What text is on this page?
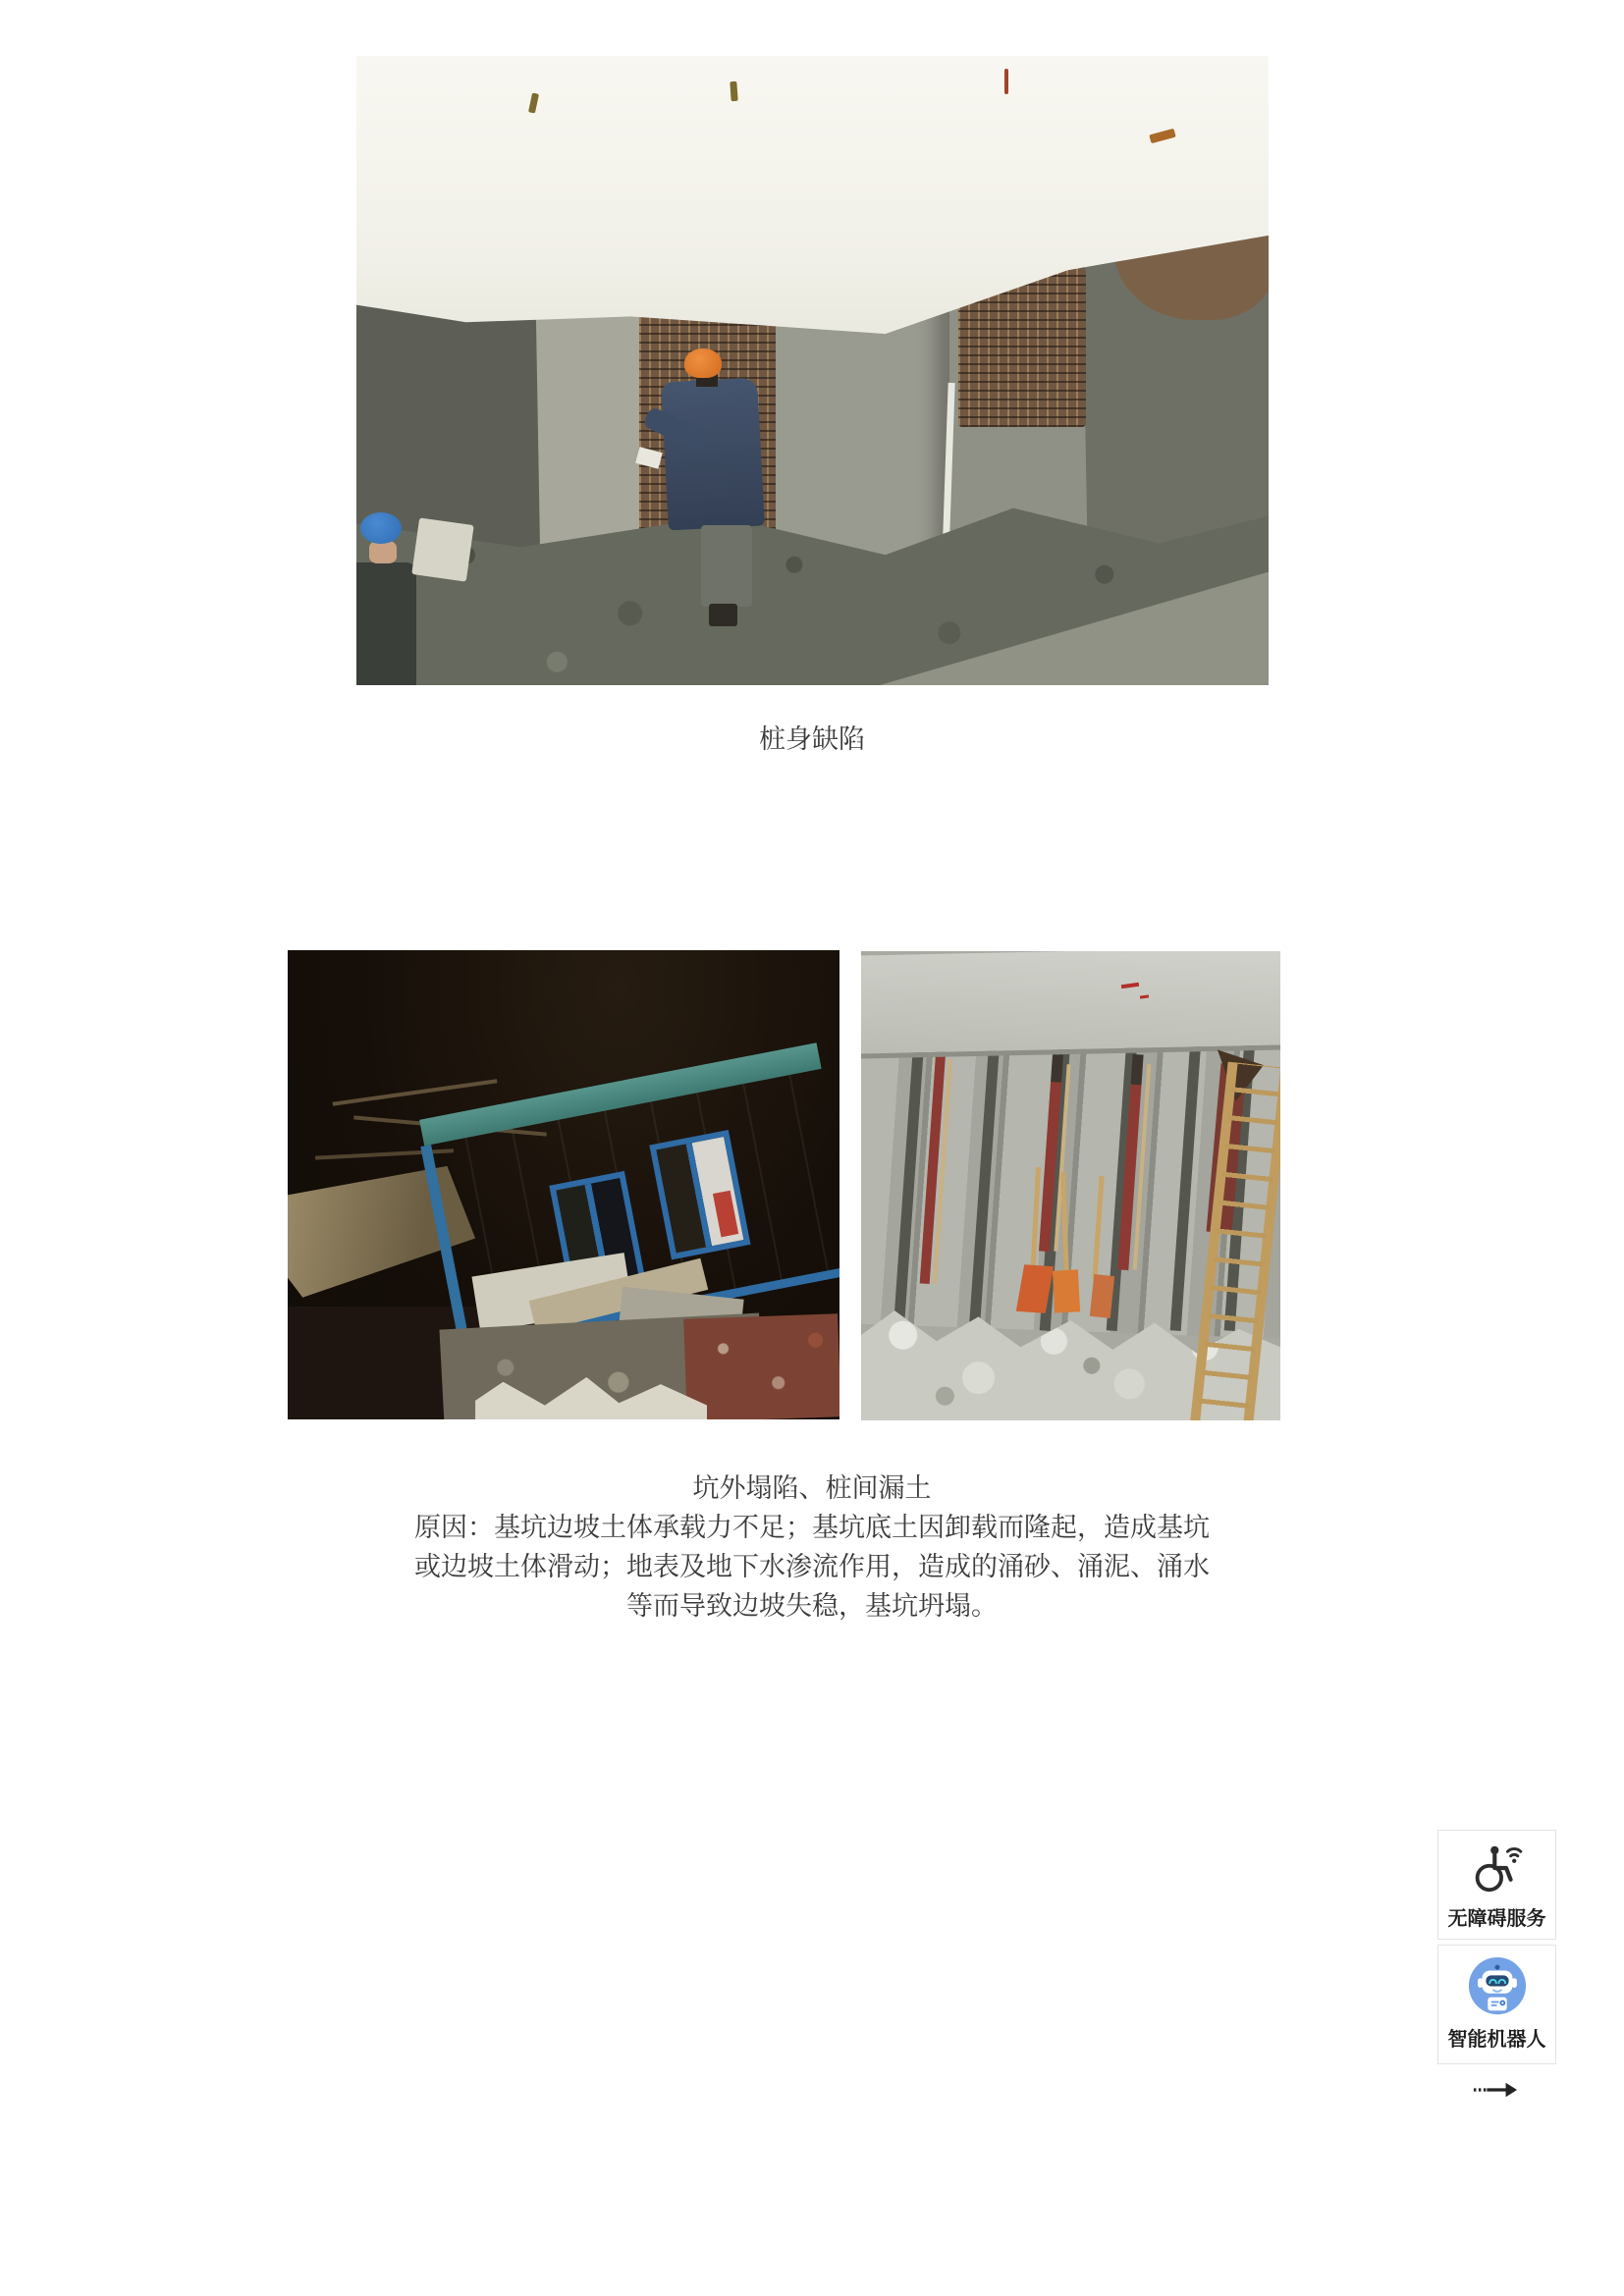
桩身缺陷
坑外塌陷、桩间漏土
原因：基坑边坡土体承载力不足；基坑底土因卸载而隆起，造成基坑
或边坡土体滑动；地表及地下水渗流作用，造成的涌砂、涌泥、涌水
等而导致边坡失稳，基坑坍塌。
无障碍服务
智能机器人
